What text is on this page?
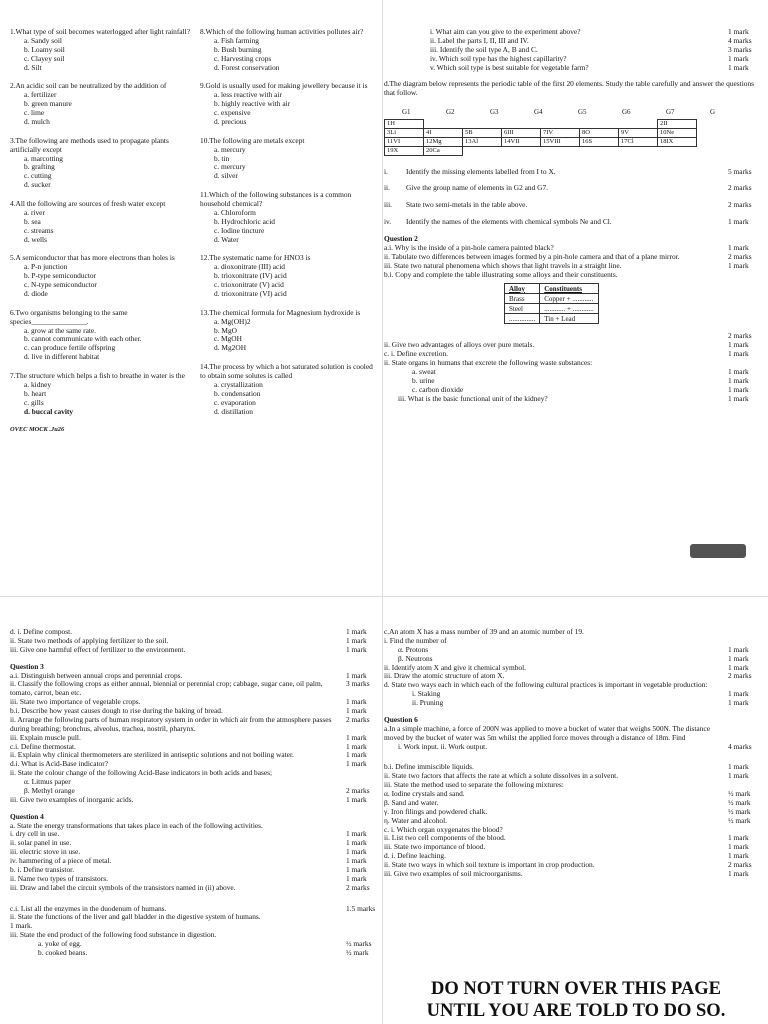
1.What type of soil becomes waterlogged after light rainfall?

a. Sandy soil
b. Loamy soil
c. Clayey soil
d. Silt

2.An acidic soil can be neutralized by the addition of

a. fertilizer
b. green manure
c. lime
d. mulch

3.The following are methods used to propagate plants artificially except

a. marcotting
b. grafting
c. cutting
d. sucker

4.All the following are sources of fresh water except

a. river
b. sea
c. streams
d. wells

5.A semiconductor that has more electrons than holes is

a. P-n junction
b. P-type semiconductor
c. N-type semiconductor
d. diode

6.Two organisms belonging to the same species_______________.

a. grow at the same rate.
b. cannot communicate with each other.
c. can produce fertile offspring
d. live in different habitat

7.The structure which helps a fish to breathe in water is the

a. kidney
b. heart
c. gills
d. buccal cavity
OVEC MOCK .Ju26

8.Which of the following human activities pollutes air?

a. Fish farming
b. Bush burning
c. Harvesting crops
d. Forest conservation

9.Gold is usually used for making jewellery because it is

a. less reactive with air
b. highly reactive with air
c. expensive
d. precious

10.The following are metals except

a. mercury
b. tin
c. mercury
d. silver

11.Which of the following substances is a common household chemical?

a. Chloroform
b. Hydrochloric acid
c. Iodine tincture
d. Water

12.The systematic name for HNO3 is

a. dioxonitrate (III) acid
b. trioxonitrate (IV) acid
c. trioxonitrate (V) acid
d. trioxonitrate (VI) acid

13.The chemical formula for Magnesium hydroxide is

a. Mg(OH)2
b. MgO
c. MgOH
d. Mg2OH

14.The process by which a hot saturated solution is cooled to obtain some solutes is called

a. crystallization
b. condensation
c. evaporation
d. distillation
i. What aim can you give to the experiment above?	1 mark
ii. Label the parts I, II, III and IV.	4 marks
iii. Identify the soil type A, B and C.	3 marks
iv. Which soil type has the highest capillarity?	1 mark
v. Which soil type is best suitable for vegetable farm?	1 mark

d.The diagram below represents the periodic table of the first 20 elements. Study the table carefully and answer the questions that follow.

G1	G2	G3	G4	G5	G6	G7	G
1H							2II
3Li	4I	5B	6III	7IV	8O	9V	10Ne
11VI	12Mg	13Al	14VII	15VIII	16S	17Cl	18IX
19X	20Ca						
i.	Identify the missing elements labelled from I to X.	5 marks
ii.	Give the group name of elements in G2 and G7.	2 marks
iii.	State two semi-metals in the table above.	2 marks
iv.	Identify the names of the elements with chemical symbols Ne and Cl.	1 mark
Question 2
a.i. Why is the inside of a pin-hole camera painted black?	1 mark
ii. Tabulate two differences between images formed by a pin-hole camera and that of a plane mirror.	2 marks
iii. State two natural phenomena which shows that light travels in a straight line.	1 mark

b.i. Copy and complete the table illustrating some alloys and their constituents.

Alloy	Constituents
Brass	Copper + ............
Steel	............ + ............
...............	Tin + Lead
2 marks
ii. Give two advantages of alloys over pure metals.	1 mark
c. i. Define excretion.	1 mark
ii. State organs in humans that excrete the following waste substances:
a. sweat	1 mark
b. urine	1 mark
c. carbon dioxide	1 mark
iii. What is the basic functional unit of the kidney?	1 mark
d. i. Define compost.	1 mark
ii. State two methods of applying fertilizer to the soil.	1 mark
iii. Give one harmful effect of fertilizer to the environment.	1 mark
Question 3
a.i. Distinguish between annual crops and perennial crops.	1 mark
ii. Classify the following crops as either annual, biennial or perennial crop; cabbage, sugar cane, oil palm, tomato, carrot, bean etc.
3 marks
iii. State two importance of vegetable crops.	1 mark
b.i. Describe how yeast causes dough to rise during the baking of bread.	1 mark
ii. Arrange the following parts of human respiratory system in order in which air from the atmosphere passes during breathing; bronchus, alveolus, trachea, nostril, pharynx.
2 marks
iii. Explain muscle pull.	1 mark
c.i. Define thermostat.	1 mark
ii. Explain why clinical thermometers are sterilized in antiseptic solutions and not boiling water.	1 mark
d.i. What is Acid-Base indicator?	1 mark
ii. State the colour change of the following Acid-Base indicators in both acids and bases;
α. Litmus paper
β. Methyl orange	2 marks
iii. Give two examples of inorganic acids.	1 mark
Question 4
a. State the energy transformations that takes place in each of the following activities.
i. dry cell in use.	1 mark
ii. solar panel in use.	1 mark
iii. electric stove in use.	1 mark
iv. hammering of a piece of metal.	1 mark
b. i. Define transistor.	1 mark
ii. Name two types of transistors.	1 mark
iii. Draw and label the circuit symbols of the transistors named in (ii) above.	2 marks
c.i. List all the enzymes in the duodenum of humans.	1.5 marks
ii. State the functions of the liver and gall bladder in the digestive system of humans.
1 mark.
iii. State the end product of the following food substance in digestion.
a. yoke of egg.	½ marks
b. cooked beans.	½ mark
c.An atom X has a mass number of 39 and an atomic number of 19.
i. Find the number of
α. Protons	1 mark
β. Neutrons	1 mark
ii. Identify atom X and give it chemical symbol.	1 mark
iii. Draw the atomic structure of atom X.	2 marks
d. State two ways each in which each of the following cultural practices is important in vegetable production:
i. Staking	1 mark
ii. Pruning	1 mark
Question 6
a.In a simple machine, a force of 200N was applied to move a bucket of water that weighs 500N. The distance moved by the bucket of water was 5m whilst the applied force moves through a distance of 18m. Find
i. Work input. ii. Work output.	4 marks
b.i. Define immiscible liquids.	1 mark
ii. State two factors that affects the rate at which a solute dissolves in a solvent.	1 mark
iii. State the method used to separate the following mixtures:
α. Iodine crystals and sand.	½ mark
β. Sand and water.	½ mark
γ. Iron filings and powdered chalk.	½ mark
η. Water and alcohol.	½ mark
c. i. Which organ oxygenates the blood?
ii. List two cell components of the blood.	1 mark
iii. State two importance of blood.	1 mark
d. i. Define leaching.	1 mark
ii. State two ways in which soil texture is important in crop production.	2 marks
iii. Give two examples of soil microorganisms.	1 mark
DO NOT TURN OVER THIS PAGE
UNTIL YOU ARE TOLD TO DO SO.
